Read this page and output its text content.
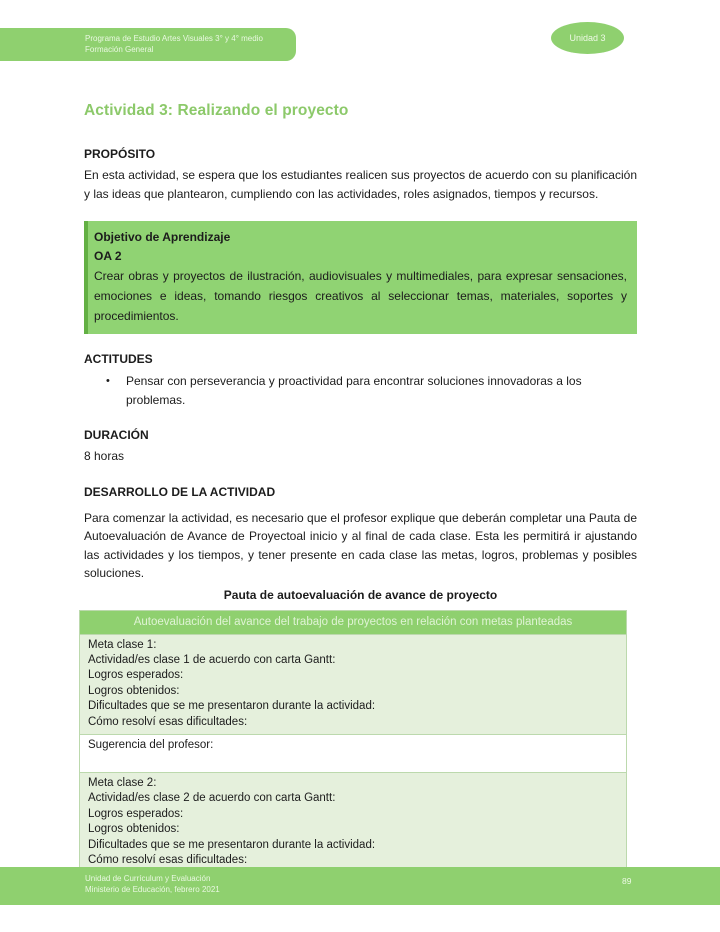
Programa de Estudio Artes Visuales 3° y 4° medio
Formación General
Unidad 3
Actividad 3: Realizando el proyecto
PROPÓSITO
En esta actividad, se espera que los estudiantes realicen sus proyectos de acuerdo con su planificación y las ideas que plantearon, cumpliendo con las actividades, roles asignados, tiempos y recursos.
Objetivo de Aprendizaje
OA 2
Crear obras y proyectos de ilustración, audiovisuales y multimediales, para expresar sensaciones, emociones e ideas, tomando riesgos creativos al seleccionar temas, materiales, soportes y procedimientos.
ACTITUDES
•	Pensar con perseverancia y proactividad para encontrar soluciones innovadoras a los problemas.
DURACIÓN
8 horas
DESARROLLO DE LA ACTIVIDAD
Para comenzar la actividad, es necesario que el profesor explique que deberán completar una Pauta de Autoevaluación de Avance de Proyectoal inicio y al final de cada clase. Esta les permitirá ir ajustando las actividades y los tiempos, y tener presente en cada clase las metas, logros, problemas y posibles soluciones.
Pauta de autoevaluación de avance de proyecto
Autoevaluación del avance del trabajo de proyectos en relación con metas planteadas
Meta clase 1:
Actividad/es clase 1 de acuerdo con carta Gantt:
Logros esperados:
Logros obtenidos:
Dificultades que se me presentaron durante la actividad:
Cómo resolví esas dificultades:
Sugerencia del profesor:
Meta clase 2:
Actividad/es clase 2 de acuerdo con carta Gantt:
Logros esperados:
Logros obtenidos:
Dificultades que se me presentaron durante la actividad:
Cómo resolví esas dificultades:
Unidad de Currículum y Evaluación
Ministerio de Educación, febrero 2021
89
